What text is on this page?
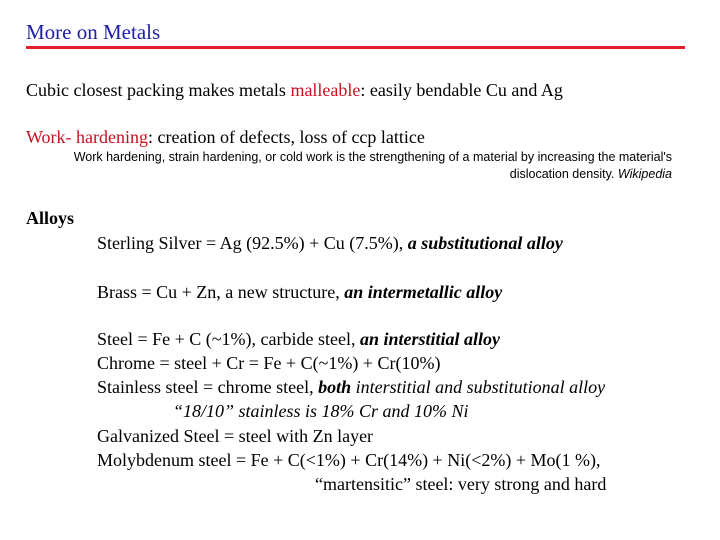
More on Metals
Cubic closest packing makes metals malleable: easily bendable Cu and Ag
Work- hardening: creation of defects, loss of ccp lattice
Work hardening, strain hardening, or cold work is the strengthening of a material by increasing the material's dislocation density. Wikipedia
Alloys
Sterling Silver = Ag (92.5%) + Cu (7.5%), a substitutional alloy
Brass = Cu + Zn, a new structure, an intermetallic alloy
Steel = Fe + C (~1%), carbide steel, an interstitial alloy
Chrome = steel + Cr = Fe + C(~1%) + Cr(10%)
Stainless steel = chrome steel, both interstitial and substitutional alloy
“18/10” stainless is 18% Cr and 10% Ni
Galvanized Steel = steel with Zn layer
Molybdenum steel = Fe + C(<1%) + Cr(14%) + Ni(<2%) + Mo(1 %),
“martensitic” steel: very strong and hard
